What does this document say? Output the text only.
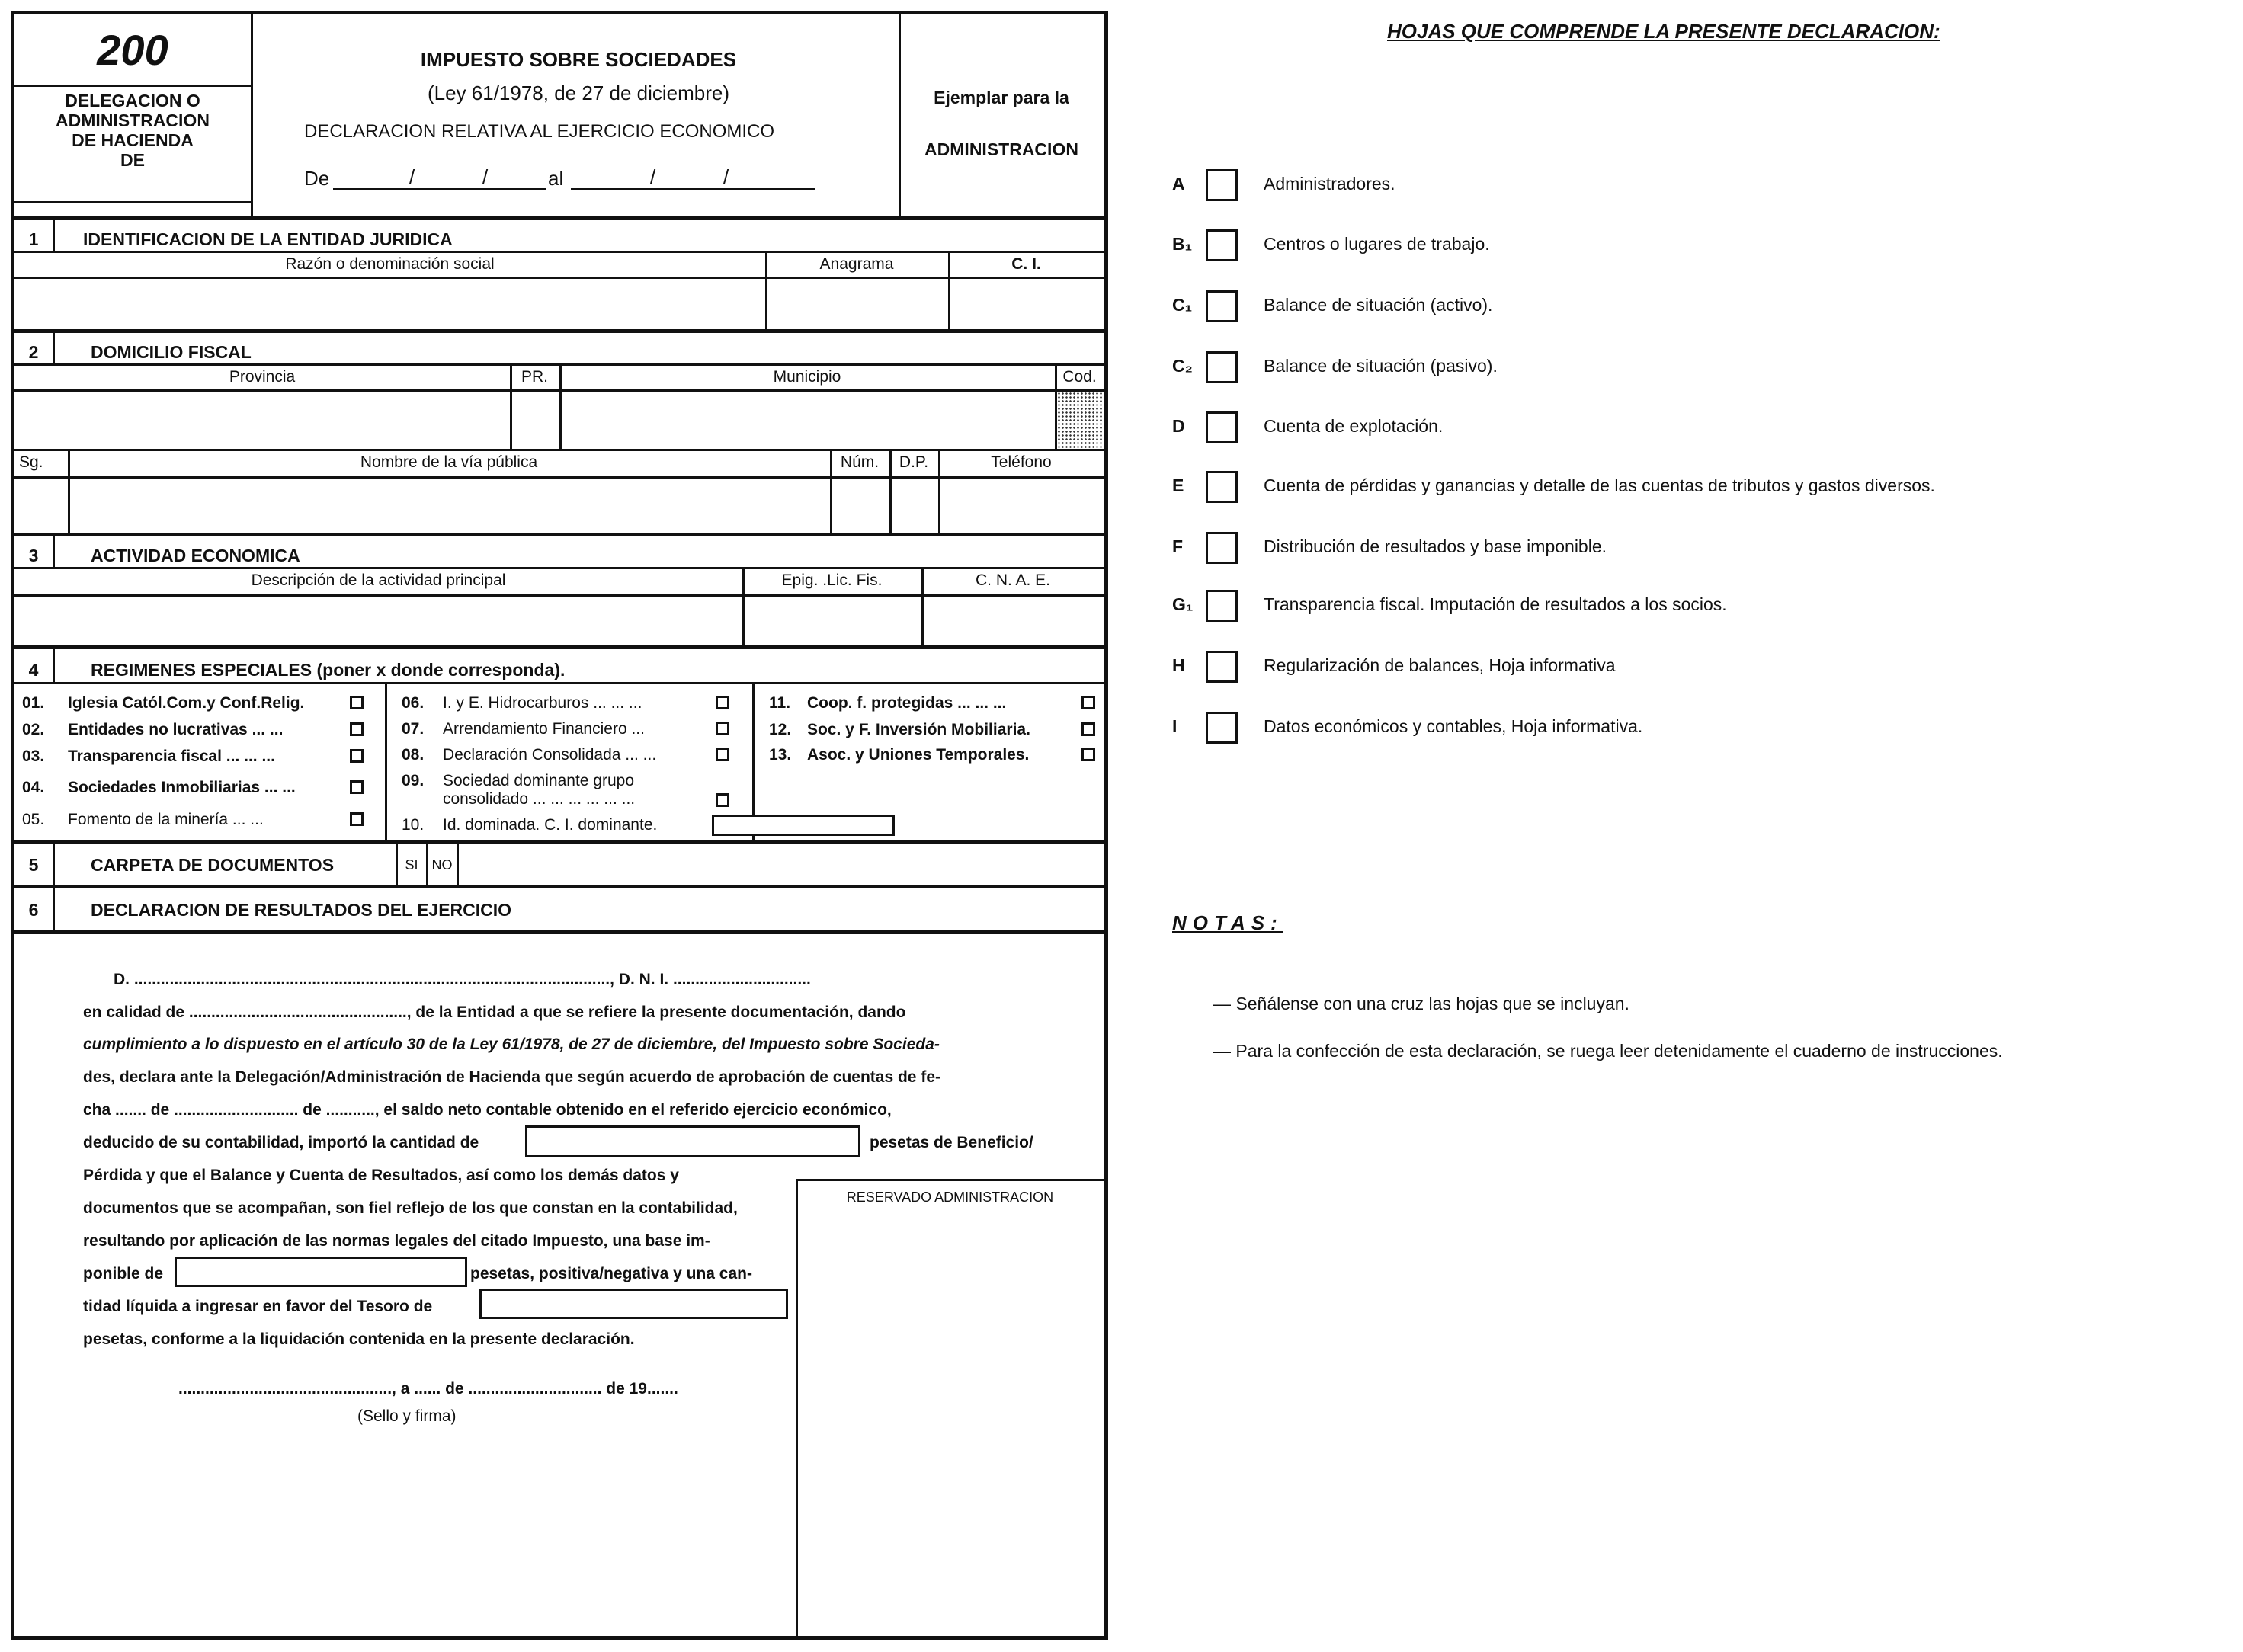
200
DELEGACION O
ADMINISTRACION
DE HACIENDA
DE
IMPUESTO SOBRE SOCIEDADES
(Ley 61/1978, de 27 de diciembre)
DECLARACION RELATIVA AL EJERCICIO ECONOMICO
De	/	/	al	/	/
Ejemplar para la
ADMINISTRACION
1	IDENTIFICACION DE LA ENTIDAD JURIDICA
Razón o denominación social	Anagrama	C. I.
2	DOMICILIO FISCAL
Provincia	PR.	Municipio	Cod.
Sg.	Nombre de la vía pública	Núm.	D.P.	Teléfono
3	ACTIVIDAD ECONOMICA
Descripción de la actividad principal	Epig. .Lic. Fis.	C. N. A. E.
4	REGIMENES ESPECIALES (poner x donde corresponda).
01. Iglesia Catól.Com.y Conf.Relig.
02. Entidades no lucrativas ... ...
03. Transparencia fiscal ... ... ...
04. Sociedades Inmobiliarias ... ...
05. Fomento de la minería ... ...
06. I. y E. Hidrocarburos ... ... ...
07. Arrendamiento Financiero ...
08. Declaración Consolidada ... ...
09. Sociedad dominante grupo
consolidado ... ... ... ... ... ...
10. Id. dominada. C. I. dominante.
11. Coop. f. protegidas ... ... ...
12. Soc. y F. Inversión Mobiliaria.
13. Asoc. y Uniones Temporales.
5	CARPETA DE DOCUMENTOS	SI	NO
6	DECLARACION DE RESULTADOS DEL EJERCICIO
D. ..........................................................................................................., D. N. I. ...............................
en calidad de ................................................., de la Entidad a que se refiere la presente documentación, dando
cumplimiento a lo dispuesto en el artículo 30 de la Ley 61/1978, de 27 de diciembre, del Impuesto sobre Socieda-
des, declara ante la Delegación/Administración de Hacienda que según acuerdo de aprobación de cuentas de fe-
cha ....... de ............................ de ..........., el saldo neto contable obtenido en el referido ejercicio económico,
deducido de su contabilidad, importó la cantidad de	pesetas de Beneficio/
Pérdida y que el Balance y Cuenta de Resultados, así como los demás datos y
documentos que se acompañan, son fiel reflejo de los que constan en la contabilidad,
resultando por aplicación de las normas legales del citado Impuesto, una base im-
ponible de	pesetas, positiva/negativa y una can-
tidad líquida a ingresar en favor del Tesoro de
pesetas, conforme a la liquidación contenida en la presente declaración.
................................................, a ...... de .............................. de 19.......
(Sello y firma)
RESERVADO ADMINISTRACION
HOJAS QUE COMPRENDE LA PRESENTE DECLARACION:
A	Administradores.
B₁	Centros o lugares de trabajo.
C₁	Balance de situación (activo).
C₂	Balance de situación (pasivo).
D	Cuenta de explotación.
E	Cuenta de pérdidas y ganancias y detalle de las cuentas de tributos y gastos diversos.
F	Distribución de resultados y base imponible.
G₁	Transparencia fiscal. Imputación de resultados a los socios.
H	Regularización de balances, Hoja informativa
I	Datos económicos y contables, Hoja informativa.
NOTAS:
— Señálense con una cruz las hojas que se incluyan.
— Para la confección de esta declaración, se ruega leer detenidamente el cuaderno de instrucciones.
